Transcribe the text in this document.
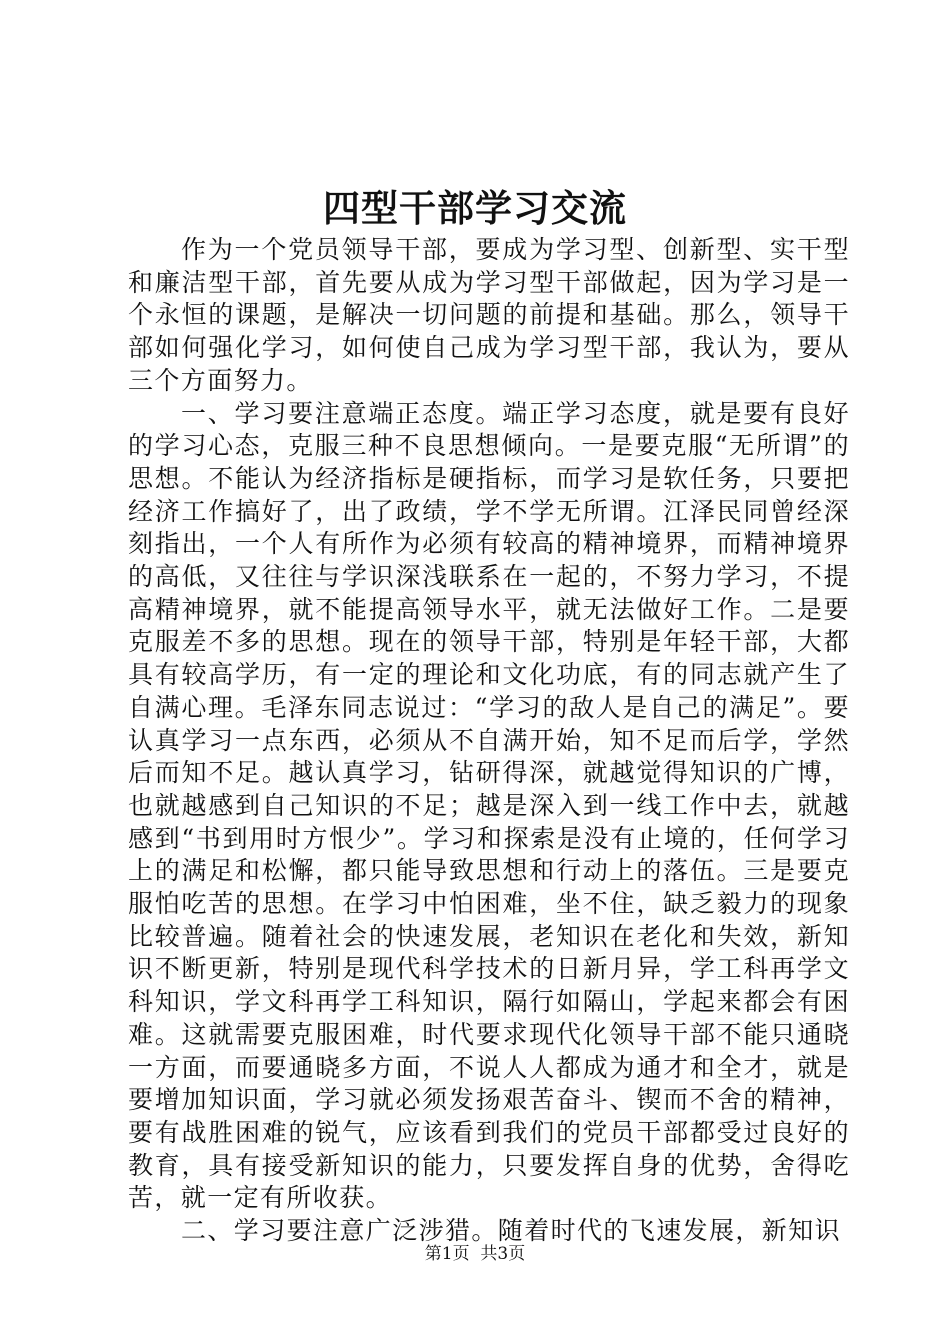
四型干部学习交流

作为一个党员领导干部，要成为学习型、创新型、实干型和廉洁型干部，首先要从成为学习型干部做起，因为学习是一个永恒的课题，是解决一切问题的前提和基础。那么，领导干部如何强化学习，如何使自己成为学习型干部，我认为，要从三个方面努力。

一、学习要注意端正态度。端正学习态度，就是要有良好的学习心态，克服三种不良思想倾向。一是要克服“无所谓”的思想。不能认为经济指标是硬指标，而学习是软任务，只要把经济工作搞好了，出了政绩，学不学无所谓。江泽民同曾经深刻指出，一个人有所作为必须有较高的精神境界，而精神境界的高低，又往往与学识深浅联系在一起的，不努力学习，不提高精神境界，就不能提高领导水平，就无法做好工作。二是要克服差不多的思想。现在的领导干部，特别是年轻干部，大都具有较高学历，有一定的理论和文化功底，有的同志就产生了自满心理。毛泽东同志说过：“学习的敌人是自己的满足”。要认真学习一点东西，必须从不自满开始，知不足而后学，学然后而知不足。越认真学习，钻研得深，就越觉得知识的广博，也就越感到自己知识的不足；越是深入到一线工作中去，就越感到“书到用时方恨少”。学习和探索是没有止境的，任何学习上的满足和松懈，都只能导致思想和行动上的落伍。三是要克服怕吃苦的思想。在学习中怕困难，坐不住，缺乏毅力的现象比较普遍。随着社会的快速发展，老知识在老化和失效，新知识不断更新，特别是现代科学技术的日新月异，学工科再学文科知识，学文科再学工科知识，隔行如隔山，学起来都会有困难。这就需要克服困难，时代要求现代化领导干部不能只通晓一方面，而要通晓多方面，不说人人都成为通才和全才，就是要增加知识面，学习就必须发扬艰苦奋斗、锲而不舍的精神，要有战胜困难的锐气，应该看到我们的党员干部都受过良好的教育，具有接受新知识的能力，只要发挥自身的优势，舍得吃苦，就一定有所收获。

二、学习要注意广泛涉猎。随着时代的飞速发展，新知识

第1页 共3页
